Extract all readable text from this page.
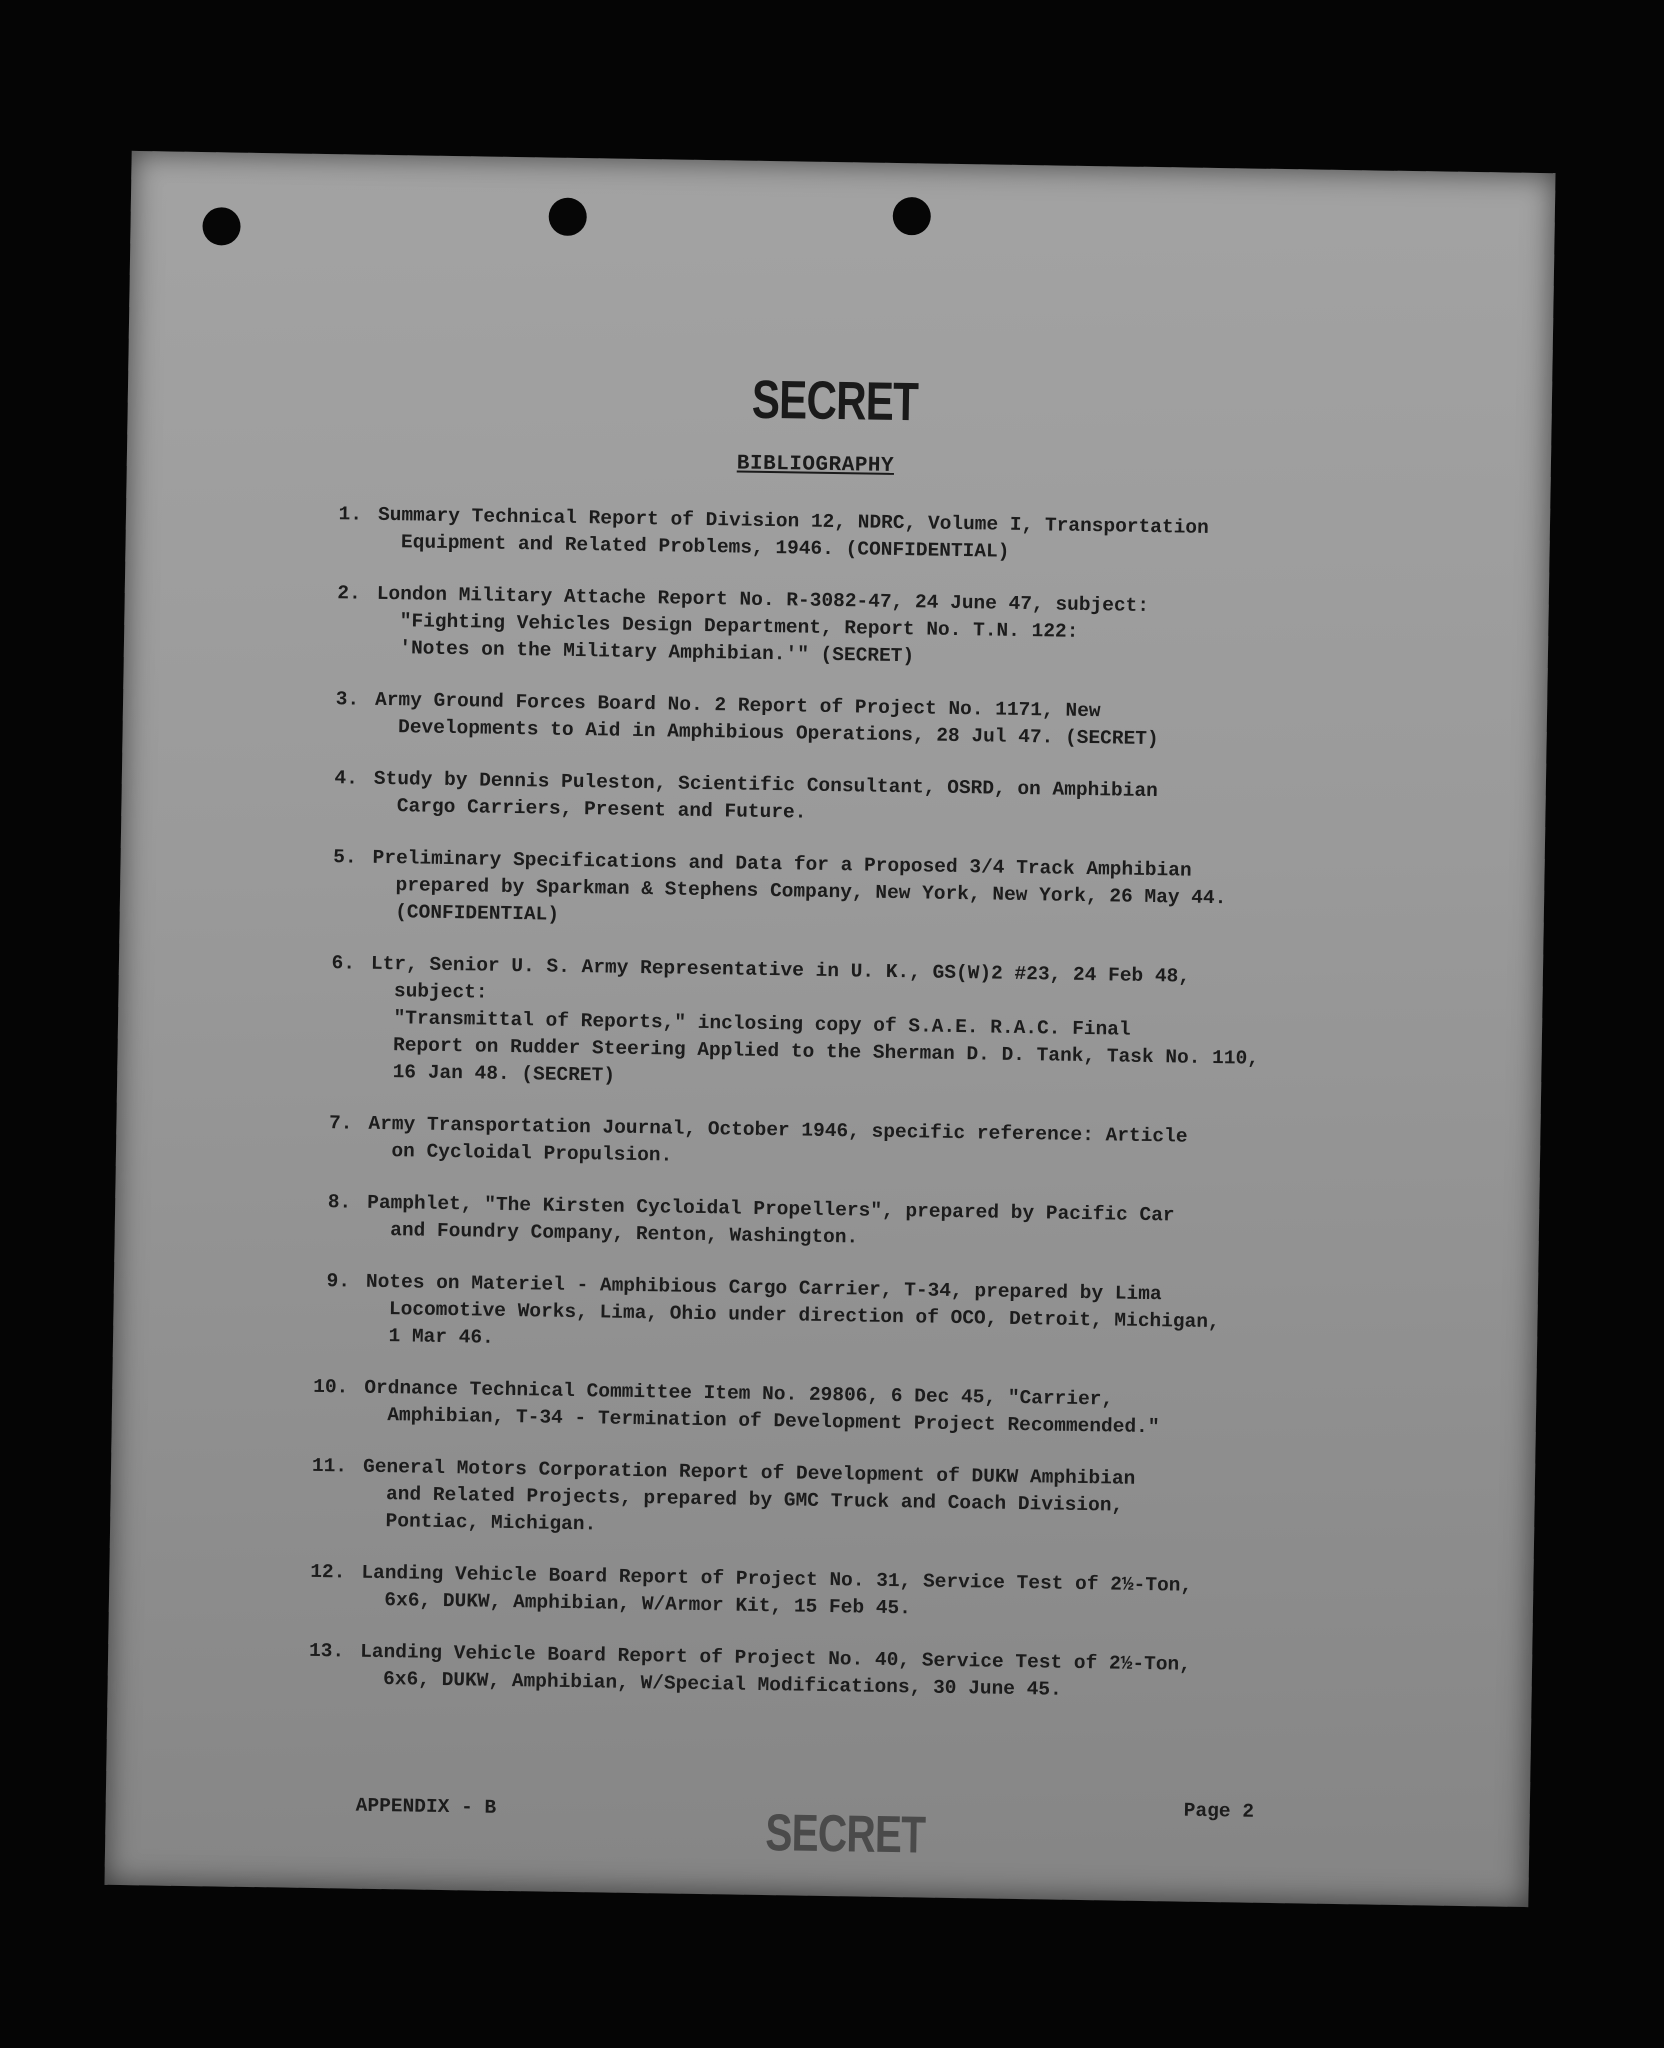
SECRET
BIBLIOGRAPHY
1. Summary Technical Report of Division 12, NDRC, Volume I, Transportation
Equipment and Related Problems, 1946. (CONFIDENTIAL)
2. London Military Attache Report No. R-3082-47, 24 June 47, subject:
"Fighting Vehicles Design Department, Report No. T.N. 122:
'Notes on the Military Amphibian.'" (SECRET)
3. Army Ground Forces Board No. 2 Report of Project No. 1171, New
Developments to Aid in Amphibious Operations, 28 Jul 47. (SECRET)
4. Study by Dennis Puleston, Scientific Consultant, OSRD, on Amphibian
Cargo Carriers, Present and Future.
5. Preliminary Specifications and Data for a Proposed 3/4 Track Amphibian
prepared by Sparkman & Stephens Company, New York, New York, 26 May 44.
(CONFIDENTIAL)
6. Ltr, Senior U. S. Army Representative in U. K., GS(W)2 #23, 24 Feb 48,
subject:
"Transmittal of Reports," inclosing copy of S.A.E. R.A.C. Final
Report on Rudder Steering Applied to the Sherman D. D. Tank, Task No. 110,
16 Jan 48. (SECRET)
7. Army Transportation Journal, October 1946, specific reference: Article
on Cycloidal Propulsion.
8. Pamphlet, "The Kirsten Cycloidal Propellers", prepared by Pacific Car
and Foundry Company, Renton, Washington.
9. Notes on Materiel - Amphibious Cargo Carrier, T-34, prepared by Lima
Locomotive Works, Lima, Ohio under direction of OCO, Detroit, Michigan,
1 Mar 46.
10. Ordnance Technical Committee Item No. 29806, 6 Dec 45, "Carrier,
Amphibian, T-34 - Termination of Development Project Recommended."
11. General Motors Corporation Report of Development of DUKW Amphibian
and Related Projects, prepared by GMC Truck and Coach Division,
Pontiac, Michigan.
12. Landing Vehicle Board Report of Project No. 31, Service Test of 2½-Ton,
6x6, DUKW, Amphibian, W/Armor Kit, 15 Feb 45.
13. Landing Vehicle Board Report of Project No. 40, Service Test of 2½-Ton,
6x6, DUKW, Amphibian, W/Special Modifications, 30 June 45.
APPENDIX - B	SECRET	Page 2
